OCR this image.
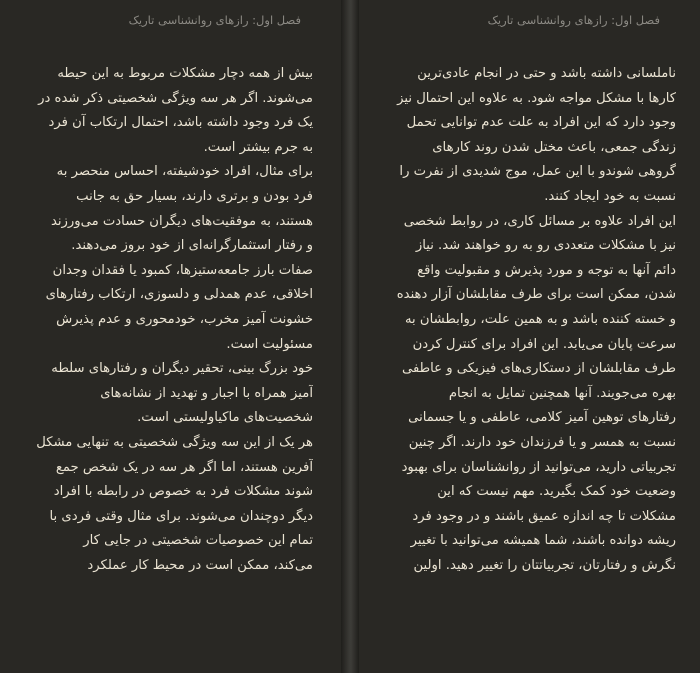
فصل اول: رازهای روانشناسی تاریک
بیش از همه دچار مشکلات مربوط به این حیطه
می‌شوند. اگر هر سه ویژگی شخصیتی ذکر شده در
یک فرد وجود داشته باشد، احتمال ارتکاب آن فرد
به جرم بیشتر است.
برای مثال، افراد خودشیفته، احساس منحصر به
فرد بودن و برتری دارند، بسیار حق به جانب
هستند، به موفقیت‌های دیگران حسادت می‌ورزند
و رفتار استثمارگرانه‌ای از خود بروز می‌دهند.
صفات بارز جامعه‌ستیزها، کمبود یا فقدان وجدان
اخلاقی، عدم همدلی و دلسوزی، ارتکاب رفتارهای
خشونت آمیز مخرب، خودمحوری و عدم پذیرش
مسئولیت است.
خود بزرگ بینی، تحقیر دیگران و رفتارهای سلطه
آمیز همراه با اجبار و تهدید از نشانه‌های
شخصیت‌های ماکیاولیستی است.
هر یک از این سه ویژگی شخصیتی به تنهایی مشکل
آفرین هستند، اما اگر هر سه در یک شخص جمع
شوند مشکلات فرد به خصوص در رابطه با افراد
دیگر دوچندان می‌شوند. برای مثال وقتی فردی با
تمام این خصوصیات شخصیتی در جایی کار
می‌کند، ممکن است در محیط کار عملکرد
فصل اول: رازهای روانشناسی تاریک
ناملسانی داشته باشد و حتی در انجام عادی‌ترین
کارها با مشکل مواجه شود. به علاوه این احتمال نیز
وجود دارد که این افراد به علت عدم توانایی تحمل
زندگی جمعی، باعث مختل شدن روند کارهای
گروهی شوندو با این عمل، موج شدیدی از نفرت را
نسبت به خود ایجاد کنند.
این افراد علاوه بر مسائل کاری، در روابط شخصی
نیز با مشکلات متعددی رو به رو خواهند شد. نیاز
دائم آنها به توجه و مورد پذیرش و مقبولیت واقع
شدن، ممکن است برای طرف مقابلشان آزار دهنده
و خسته کننده باشد و به همین علت، روابطشان به
سرعت پایان می‌یابد. این افراد برای کنترل کردن
طرف مقابلشان از دستکاری‌های فیزیکی و عاطفی
بهره می‌جویند. آنها همچنین تمایل به انجام
رفتارهای توهین آمیز کلامی، عاطفی و یا جسمانی
نسبت به همسر و یا فرزندان خود دارند. اگر چنین
تجربیاتی دارید، می‌توانید از روانشناسان برای بهبود
وضعیت خود کمک بگیرید. مهم نیست که این
مشکلات تا چه اندازه عمیق باشند و در وجود فرد
ریشه دوانده باشند، شما همیشه می‌توانید با تغییر
نگرش و رفتارتان، تجربیاتتان را تغییر دهید. اولین
